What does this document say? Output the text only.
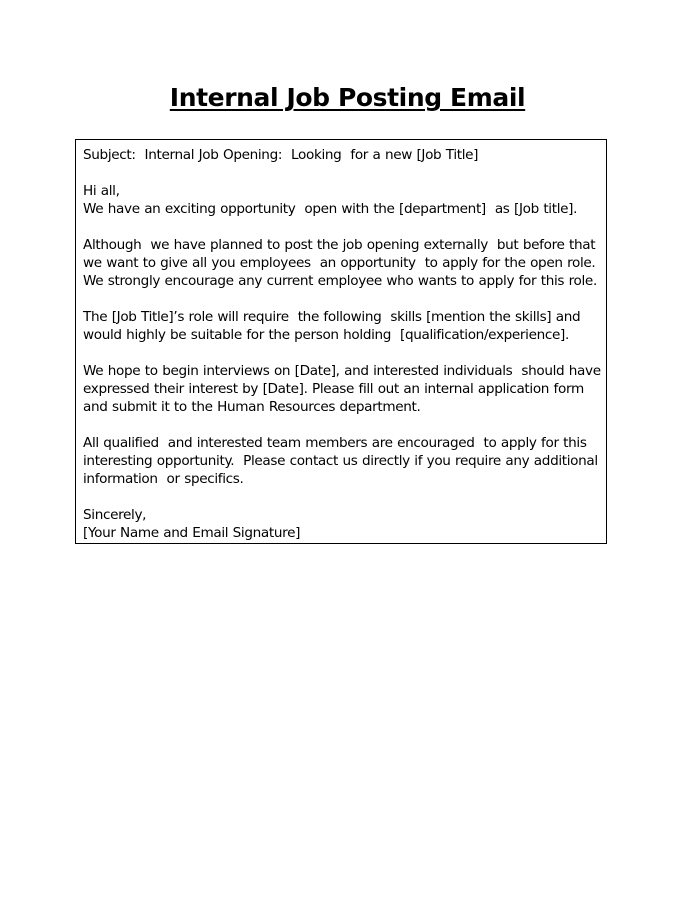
Internal Job Posting Email
Subject:  Internal Job Opening:  Looking  for a new [Job Title]
Hi all,
We have an exciting opportunity  open with the [department]  as [Job title].
Although  we have planned to post the job opening externally  but before that
we want to give all you employees  an opportunity  to apply for the open role.
We strongly encourage any current employee who wants to apply for this role.
The [Job Title]’s role will require  the following  skills [mention the skills] and
would highly be suitable for the person holding  [qualification/experience].
We hope to begin interviews on [Date], and interested individuals  should have
expressed their interest by [Date]. Please fill out an internal application form
and submit it to the Human Resources department.
All qualified  and interested team members are encouraged  to apply for this
interesting opportunity.  Please contact us directly if you require any additional
information  or specifics.
Sincerely,
[Your Name and Email Signature]
